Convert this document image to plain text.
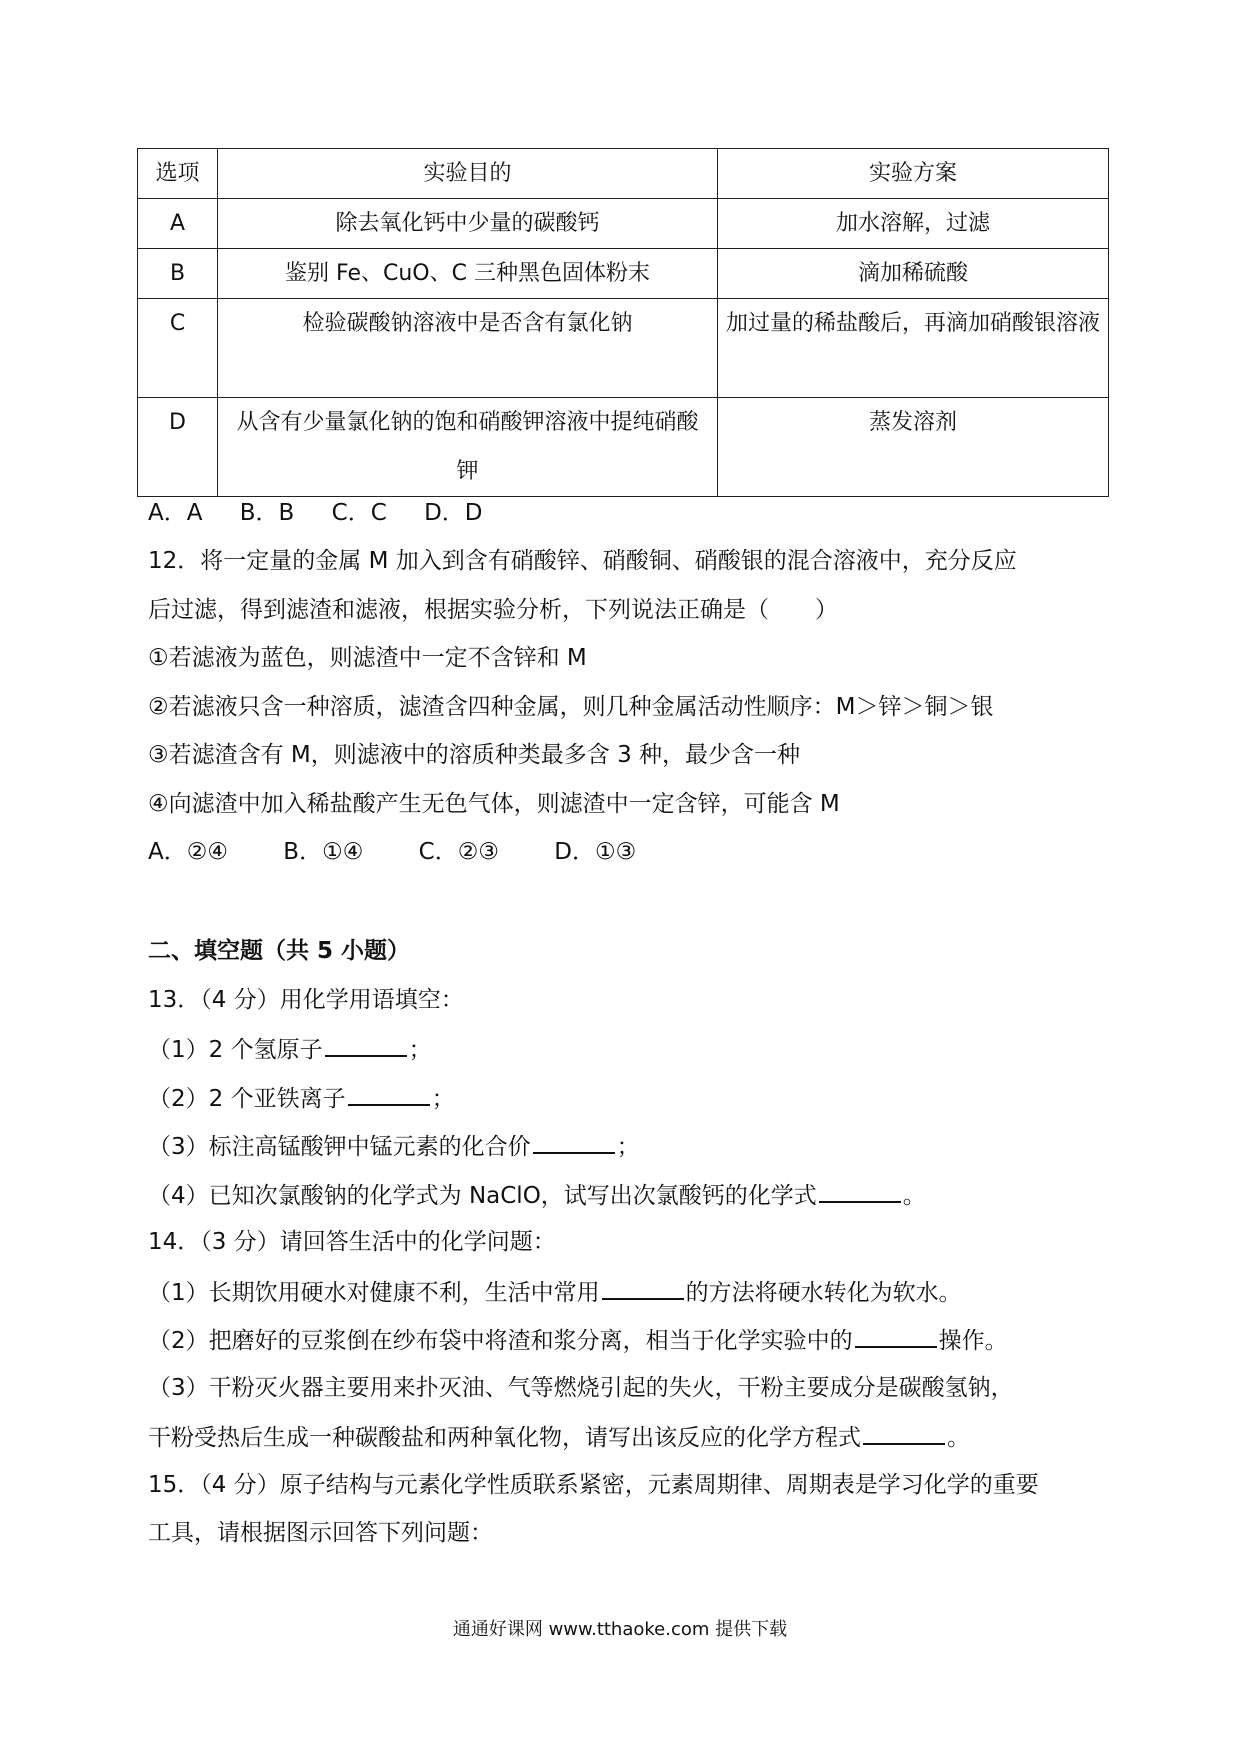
选项	实验目的	实验方案
A	除去氧化钙中少量的碳酸钙	加水溶解，过滤
B	鉴别 Fe、CuO、C 三种黑色固体粉末	滴加稀硫酸
C	检验碳酸钠溶液中是否含有氯化钠	加过量的稀盐酸后，再滴加硝酸银溶液
D	从含有少量氯化钠的饱和硝酸钾溶液中提纯硝酸钾	蒸发溶剂
A．A B．B C．C D．D
12．将一定量的金属 M 加入到含有硝酸锌、硝酸铜、硝酸银的混合溶液中，充分反应
后过滤，得到滤渣和滤液，根据实验分析，下列说法正确是（　　）
①若滤液为蓝色，则滤渣中一定不含锌和 M
②若滤液只含一种溶质，滤渣含四种金属，则几种金属活动性顺序：M＞锌＞铜＞银
③若滤渣含有 M，则滤液中的溶质种类最多含 3 种，最少含一种
④向滤渣中加入稀盐酸产生无色气体，则滤渣中一定含锌，可能含 M
A．②④ B．①④ C．②③ D．①③
二、填空题（共 5 小题）
13．（4 分）用化学用语填空：
（1）2 个氢原子	；
（2）2 个亚铁离子	；
（3）标注高锰酸钾中锰元素的化合价	；
（4）已知次氯酸钠的化学式为 NaClO，试写出次氯酸钙的化学式	。
14．（3 分）请回答生活中的化学问题：
（1）长期饮用硬水对健康不利，生活中常用	的方法将硬水转化为软水。
（2）把磨好的豆浆倒在纱布袋中将渣和浆分离，相当于化学实验中的	操作。
（3）干粉灭火器主要用来扑灭油、气等燃烧引起的失火，干粉主要成分是碳酸氢钠，
干粉受热后生成一种碳酸盐和两种氧化物，请写出该反应的化学方程式	。
15．（4 分）原子结构与元素化学性质联系紧密，元素周期律、周期表是学习化学的重要
工具，请根据图示回答下列问题：
通通好课网 www.tthaoke.com 提供下载
